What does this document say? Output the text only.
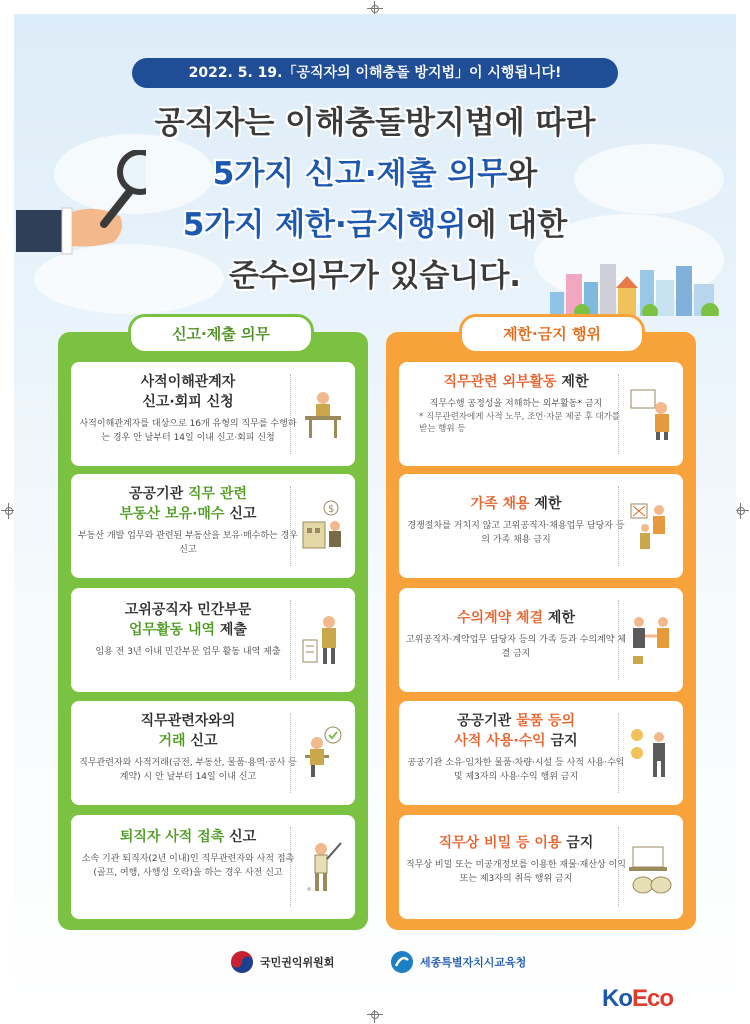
2022. 5. 19.「공직자의 이해충돌 방지법」이 시행됩니다!
공직자는 이해충돌방지법에 따라
5가지 신고·제출 의무와
5가지 제한·금지행위에 대한
준수의무가 있습니다.
신고·제출 의무
사적이해관계자
신고·회피 신청
사적이해관계자를 대상으로 16개 유형의 직무를 수행하는 경우 안 날부터 14일 이내 신고·회피 신청
공공기관 직무 관련
부동산 보유·매수 신고
부동산 개발 업무와 관련된 부동산을 보유·매수하는 경우 신고
$
고위공직자 민간부문
업무활동 내역 제출
임용 전 3년 이내 민간부문 업무 활동 내역 제출
직무관련자와의
거래 신고
직무관련자와 사적거래(금전, 부동산, 물품·용역·공사 등 계약) 시 안 날부터 14일 이내 신고
퇴직자 사적 접촉 신고
소속 기관 퇴직자(2년 이내)인 직무관련자와 사적 접촉(골프, 여행, 사행성 오락)을 하는 경우 사전 신고
제한·금지 행위
직무관련 외부활동 제한
직무수행 공정성을 저해하는 외부활동* 금지
* 직무관련자에게 사적 노무, 조언·자문 제공 후 대가를 받는 행위 등
가족 채용 제한
경쟁절차를 거치지 않고 고위공직자·채용업무 담당자 등의 가족 채용 금지
수의계약 체결 제한
고위공직자·계약업무 담당자 등의 가족 등과 수의계약 체결 금지
공공기관 물품 등의
사적 사용·수익 금지
공공기관 소유·임차한 물품·차량·시설 등 사적 사용·수익 및 제3자의 사용·수익 행위 금지
직무상 비밀 등 이용 금지
직무상 비밀 또는 미공개정보를 이용한 재물·재산상 이익 또는 제3자의 취득 행위 금지
국민권익위원회	세종특별자치시교육청
KoEco
